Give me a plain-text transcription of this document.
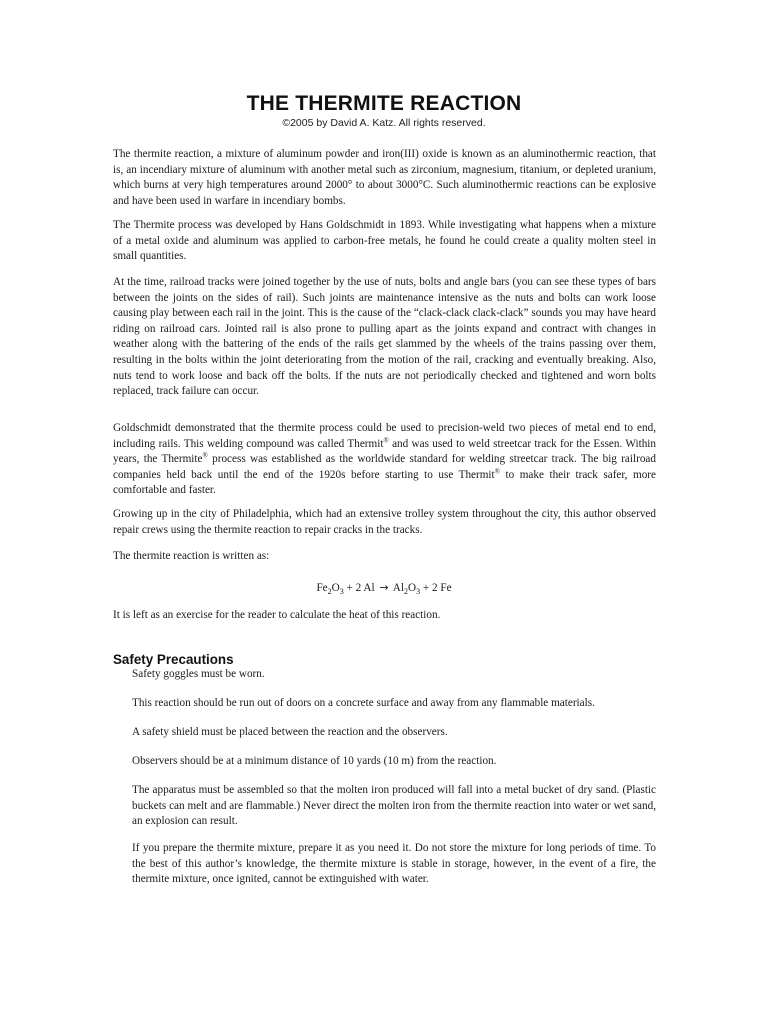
THE THERMITE REACTION
©2005 by David A. Katz. All rights reserved.

The thermite reaction, a mixture of aluminum powder and iron(III) oxide is known as an aluminothermic reaction, that is, an incendiary mixture of aluminum with another metal such as zirconium, magnesium, titanium, or depleted uranium, which burns at very high temperatures around 2000° to about 3000°C. Such aluminothermic reactions can be explosive and have been used in warfare in incendiary bombs.

The Thermite process was developed by Hans Goldschmidt in 1893. While investigating what happens when a mixture of a metal oxide and aluminum was applied to carbon-free metals, he found he could create a quality molten steel in small quantities.

At the time, railroad tracks were joined together by the use of nuts, bolts and angle bars (you can see these types of bars between the joints on the sides of rail). Such joints are maintenance intensive as the nuts and bolts can work loose causing play between each rail in the joint. This is the cause of the “clack-clack clack-clack” sounds you may have heard riding on railroad cars. Jointed rail is also prone to pulling apart as the joints expand and contract with changes in weather along with the battering of the ends of the rails get slammed by the wheels of the trains passing over them, resulting in the bolts within the joint deteriorating from the motion of the rail, cracking and eventually breaking. Also, nuts tend to work loose and back off the bolts. If the nuts are not periodically checked and tightened and worn bolts replaced, track failure can occur.

Goldschmidt demonstrated that the thermite process could be used to precision-weld two pieces of metal end to end, including rails. This welding compound was called Thermit® and was used to weld streetcar track for the Essen. Within years, the Thermite® process was established as the worldwide standard for welding streetcar track. The big railroad companies held back until the end of the 1920s before starting to use Thermit® to make their track safer, more comfortable and faster.

Growing up in the city of Philadelphia, which had an extensive trolley system throughout the city, this author observed repair crews using the thermite reaction to repair cracks in the tracks.

The thermite reaction is written as:

$Fe_2O_3 + 2$ $Al \to Al_2O_3 + 2$ Fe

It is left as an exercise for the reader to calculate the heat of this reaction.

Safety Precautions

Safety goggles must be worn.

This reaction should be run out of doors on a concrete surface and away from any flammable materials.

A safety shield must be placed between the reaction and the observers.

Observers should be at a minimum distance of 10 yards (10 m) from the reaction.

The apparatus must be assembled so that the molten iron produced will fall into a metal bucket of dry sand. (Plastic buckets can melt and are flammable.) Never direct the molten iron from the thermite reaction into water or wet sand, an explosion can result.

If you prepare the thermite mixture, prepare it as you need it. Do not store the mixture for long periods of time. To the best of this author’s knowledge, the thermite mixture is stable in storage, however, in the event of a fire, the thermite mixture, once ignited, cannot be extinguished with water.
